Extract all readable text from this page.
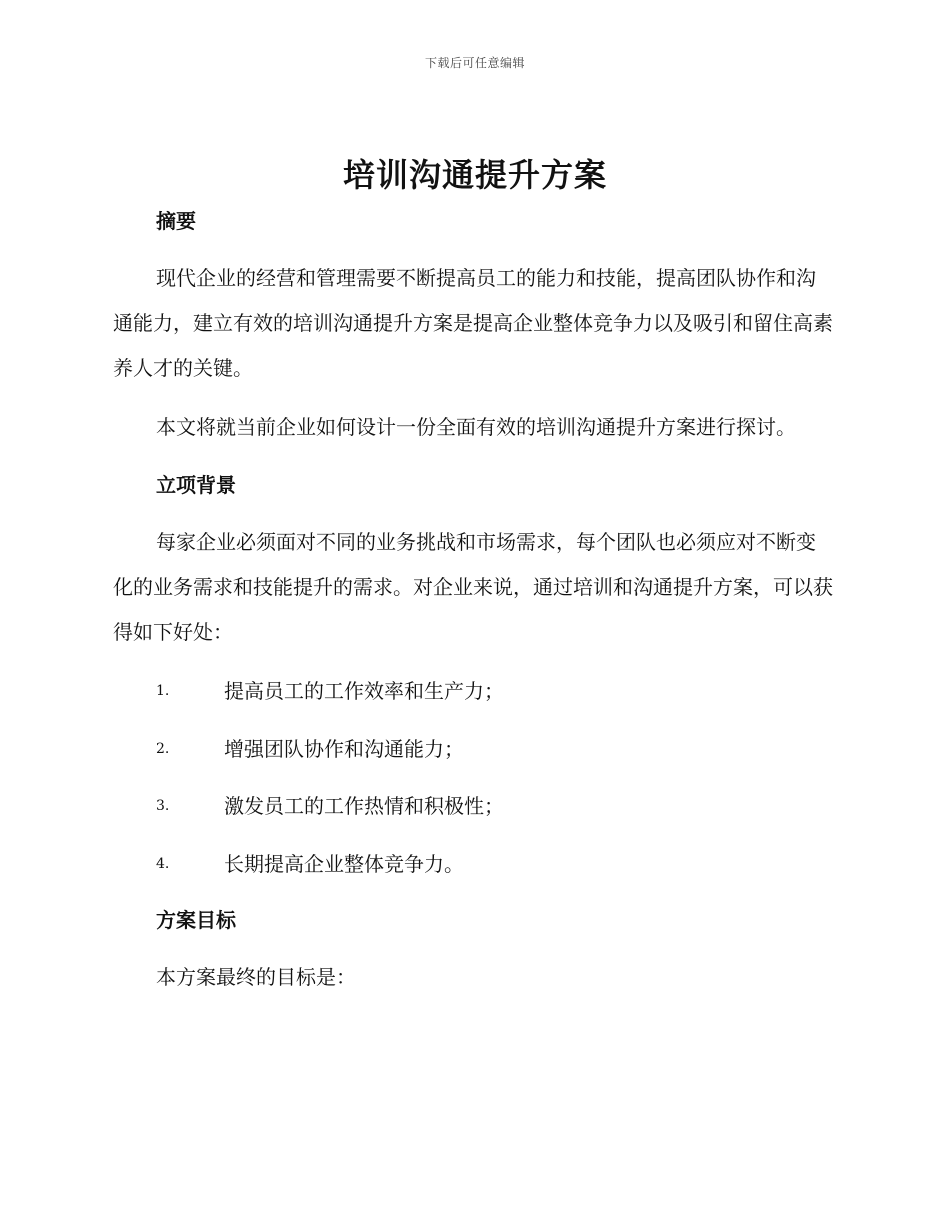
下载后可任意编辑
培训沟通提升方案
摘要

现代企业的经营和管理需要不断提高员工的能力和技能，提高团队协作和沟通能力，建立有效的培训沟通提升方案是提高企业整体竞争力以及吸引和留住高素养人才的关键。

本文将就当前企业如何设计一份全面有效的培训沟通提升方案进行探讨。

立项背景

每家企业必须面对不同的业务挑战和市场需求，每个团队也必须应对不断变化的业务需求和技能提升的需求。对企业来说，通过培训和沟通提升方案，可以获得如下好处：

1.	提高员工的工作效率和生产力；
2.	增强团队协作和沟通能力；
3.	激发员工的工作热情和积极性；
4.	长期提高企业整体竞争力。
方案目标

本方案最终的目标是：
